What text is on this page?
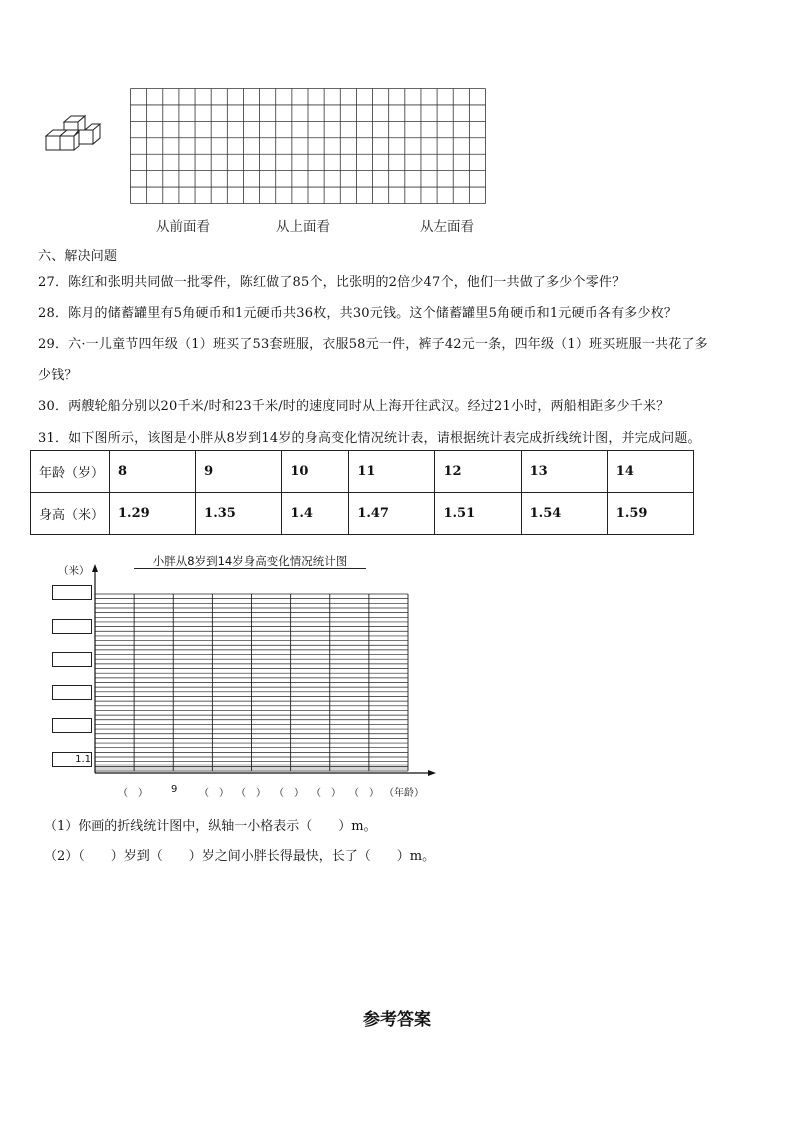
从前面看	从上面看	从左面看
六、解决问题
27．陈红和张明共同做一批零件，陈红做了85个，比张明的2倍少47个，他们一共做了多少个零件？
28．陈月的储蓄罐里有5角硬币和1元硬币共36枚，共30元钱。这个储蓄罐里5角硬币和1元硬币各有多少枚？
29．六·一儿童节四年级（1）班买了53套班服，衣服58元一件，裤子42元一条，四年级（1）班买班服一共花了多
少钱？
30．两艘轮船分别以20千米/时和23千米/时的速度同时从上海开往武汉。经过21小时，两船相距多少千米？
31．如下图所示，该图是小胖从8岁到14岁的身高变化情况统计表，请根据统计表完成折线统计图，并完成问题。
年龄（岁）	8	9	10	11	12	13	14
身高（米）	1.29	1.35	1.4	1.47	1.51	1.54	1.59
小胖从8岁到14岁身高变化情况统计图
（米）
1.1
（　） 9 （　） （　） （　） （　） （　） （年龄）
（1）你画的折线统计图中，纵轴一小格表示（　　）m。
（2）（　　）岁到（　　）岁之间小胖长得最快，长了（　　）m。
参考答案
